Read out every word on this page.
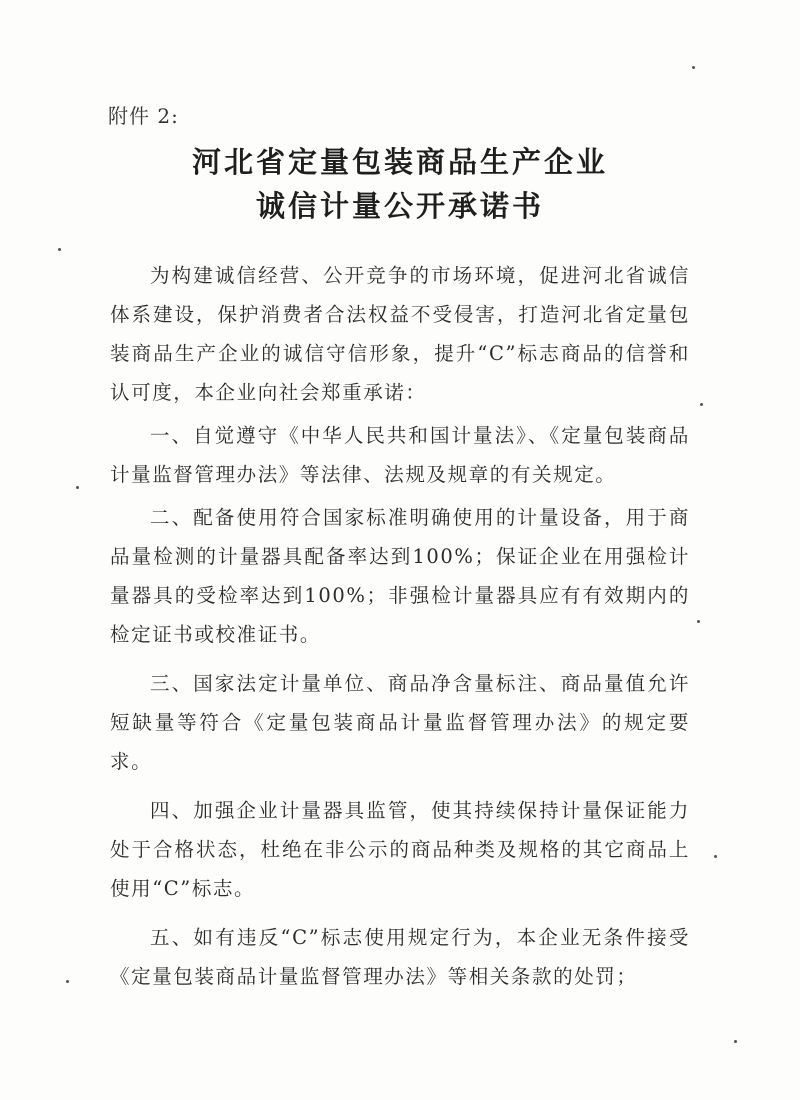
附件 2:
河北省定量包装商品生产企业
诚信计量公开承诺书

为构建诚信经营、公开竞争的市场环境，促进河北省诚信体系建设，保护消费者合法权益不受侵害，打造河北省定量包装商品生产企业的诚信守信形象，提升“C”标志商品的信誉和认可度，本企业向社会郑重承诺：

一、自觉遵守《中华人民共和国计量法》、《定量包装商品计量监督管理办法》等法律、法规及规章的有关规定。

二、配备使用符合国家标准明确使用的计量设备，用于商品量检测的计量器具配备率达到100%；保证企业在用强检计量器具的受检率达到100%；非强检计量器具应有有效期内的检定证书或校准证书。

三、国家法定计量单位、商品净含量标注、商品量值允许短缺量等符合《定量包装商品计量监督管理办法》的规定要求。

四、加强企业计量器具监管，使其持续保持计量保证能力处于合格状态，杜绝在非公示的商品种类及规格的其它商品上使用“C”标志。

五、如有违反“C”标志使用规定行为，本企业无条件接受《定量包装商品计量监督管理办法》等相关条款的处罚；
